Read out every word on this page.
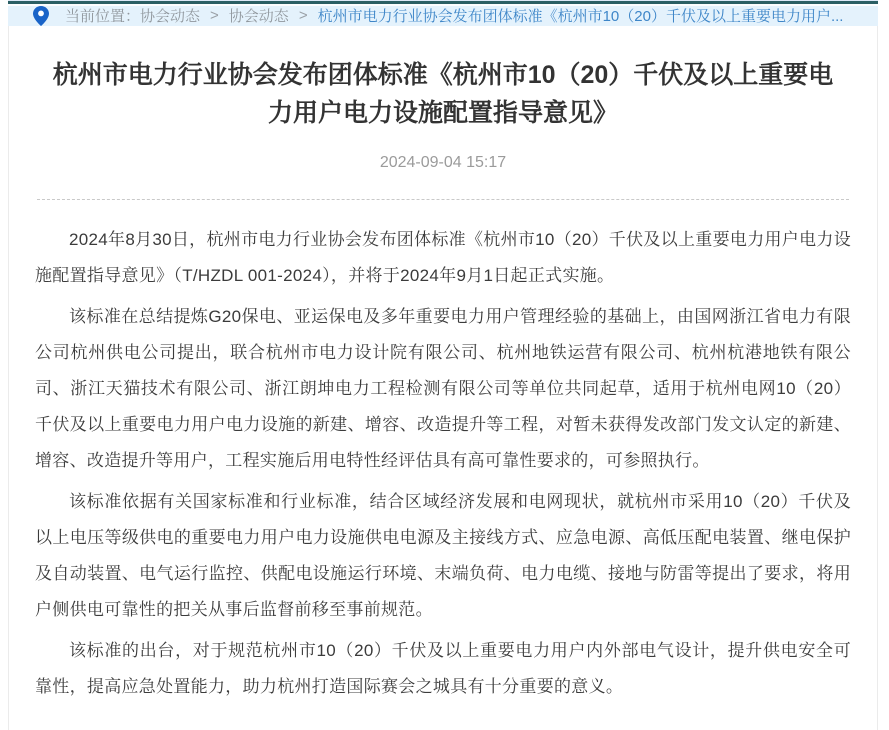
当前位置： 协会动态 > 协会动态 > 杭州市电力行业协会发布团体标准《杭州市10（20）千伏及以上重要电力用户...
杭州市电力行业协会发布团体标准《杭州市10（20）千伏及以上重要电力用户电力设施配置指导意见》
2024-09-04 15:17

2024年8月30日，杭州市电力行业协会发布团体标准《杭州市10（20）千伏及以上重要电力用户电力设施配置指导意见》（T/HZDL 001-2024），并将于2024年9月1日起正式实施。

该标准在总结提炼G20保电、亚运保电及多年重要电力用户管理经验的基础上，由国网浙江省电力有限公司杭州供电公司提出，联合杭州市电力设计院有限公司、杭州地铁运营有限公司、杭州杭港地铁有限公司、浙江天猫技术有限公司、浙江朗坤电力工程检测有限公司等单位共同起草，适用于杭州电网10（20）千伏及以上重要电力用户电力设施的新建、增容、改造提升等工程，对暂未获得发改部门发文认定的新建、增容、改造提升等用户，工程实施后用电特性经评估具有高可靠性要求的，可参照执行。

该标准依据有关国家标准和行业标准，结合区域经济发展和电网现状，就杭州市采用10（20）千伏及以上电压等级供电的重要电力用户电力设施供电电源及主接线方式、应急电源、高低压配电装置、继电保护及自动装置、电气运行监控、供配电设施运行环境、末端负荷、电力电缆、接地与防雷等提出了要求，将用户侧供电可靠性的把关从事后监督前移至事前规范。

该标准的出台，对于规范杭州市10（20）千伏及以上重要电力用户内外部电气设计，提升供电安全可靠性，提高应急处置能力，助力杭州打造国际赛会之城具有十分重要的意义。
